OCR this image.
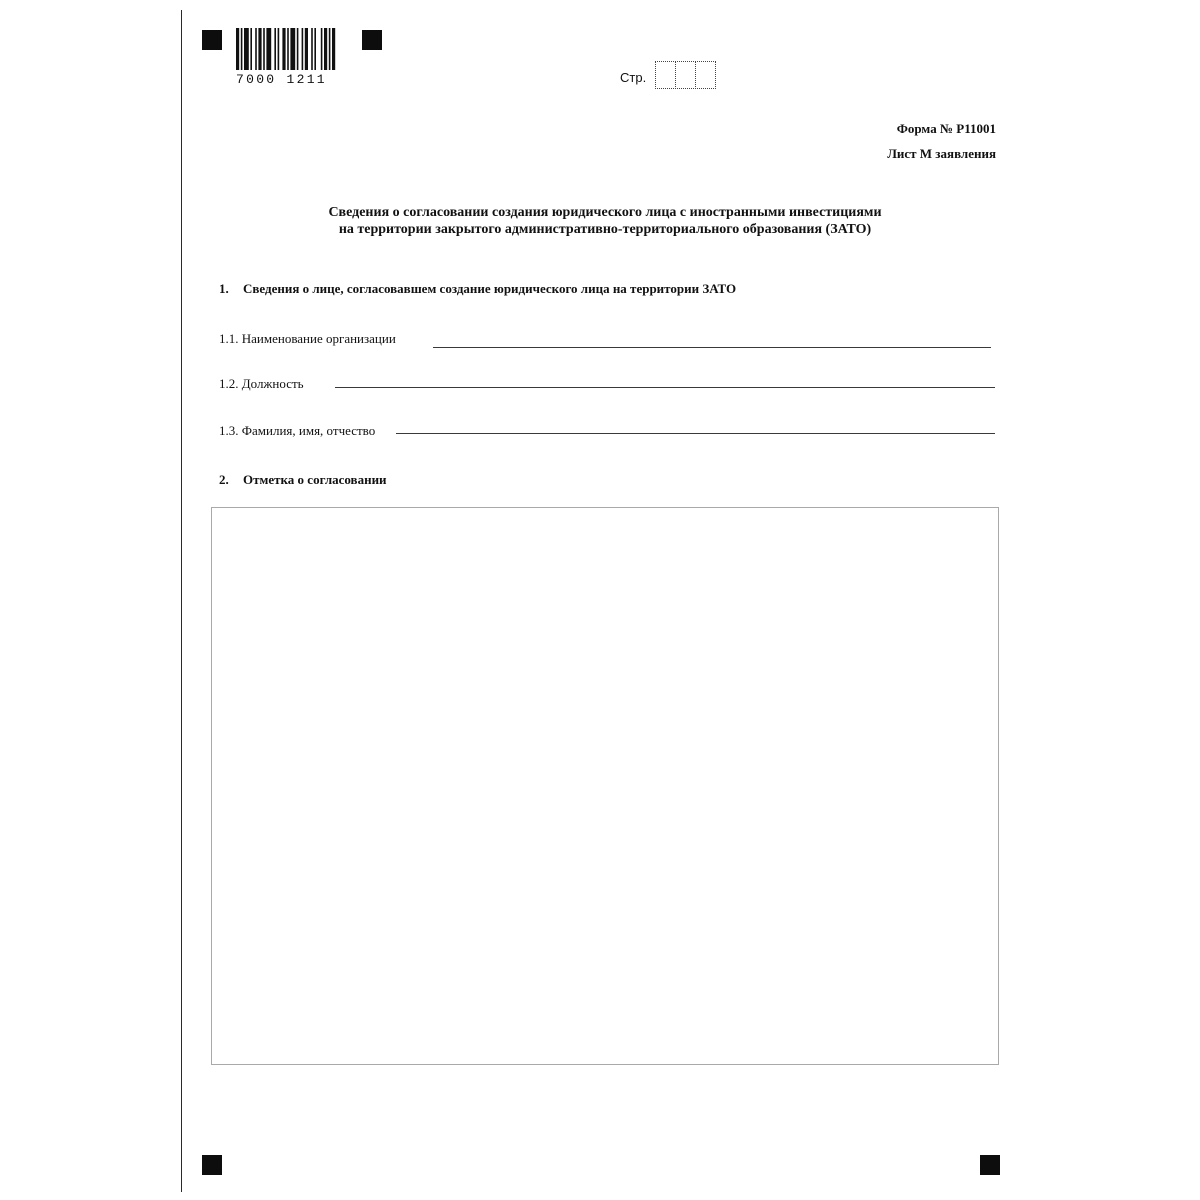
7000 1211	Стр.
Форма № Р11001
Лист М заявления
Сведения о согласовании создания юридического лица с иностранными инвестициями
на территории закрытого административно-территориального образования (ЗАТО)
1. Сведения о лице, согласовавшем создание юридического лица на территории ЗАТО
1.1. Наименование организации
1.2. Должность
1.3. Фамилия, имя, отчество
2. Отметка о согласовании
